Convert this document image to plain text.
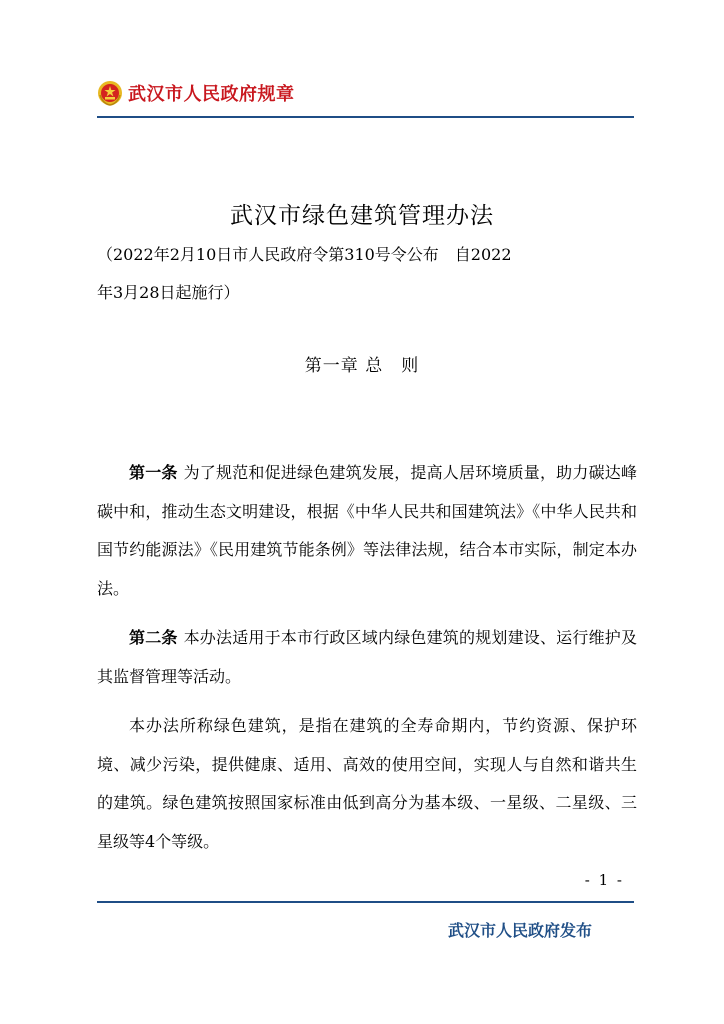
武汉市人民政府规章
武汉市绿色建筑管理办法

（2022年2月10日市人民政府令第310号令公布　自2022

年3月28日起施行）

第一章 总 则

第一条 为了规范和促进绿色建筑发展，提高人居环境质量，助力碳达峰碳中和，推动生态文明建设，根据《中华人民共和国建筑法》《中华人民共和国节约能源法》《民用建筑节能条例》等法律法规，结合本市实际，制定本办法。

第二条 本办法适用于本市行政区域内绿色建筑的规划建设、运行维护及其监督管理等活动。

本办法所称绿色建筑，是指在建筑的全寿命期内，节约资源、保护环境、减少污染，提供健康、适用、高效的使用空间，实现人与自然和谐共生的建筑。绿色建筑按照国家标准由低到高分为基本级、一星级、二星级、三星级等4个等级。

- 1 -
武汉市人民政府发布
